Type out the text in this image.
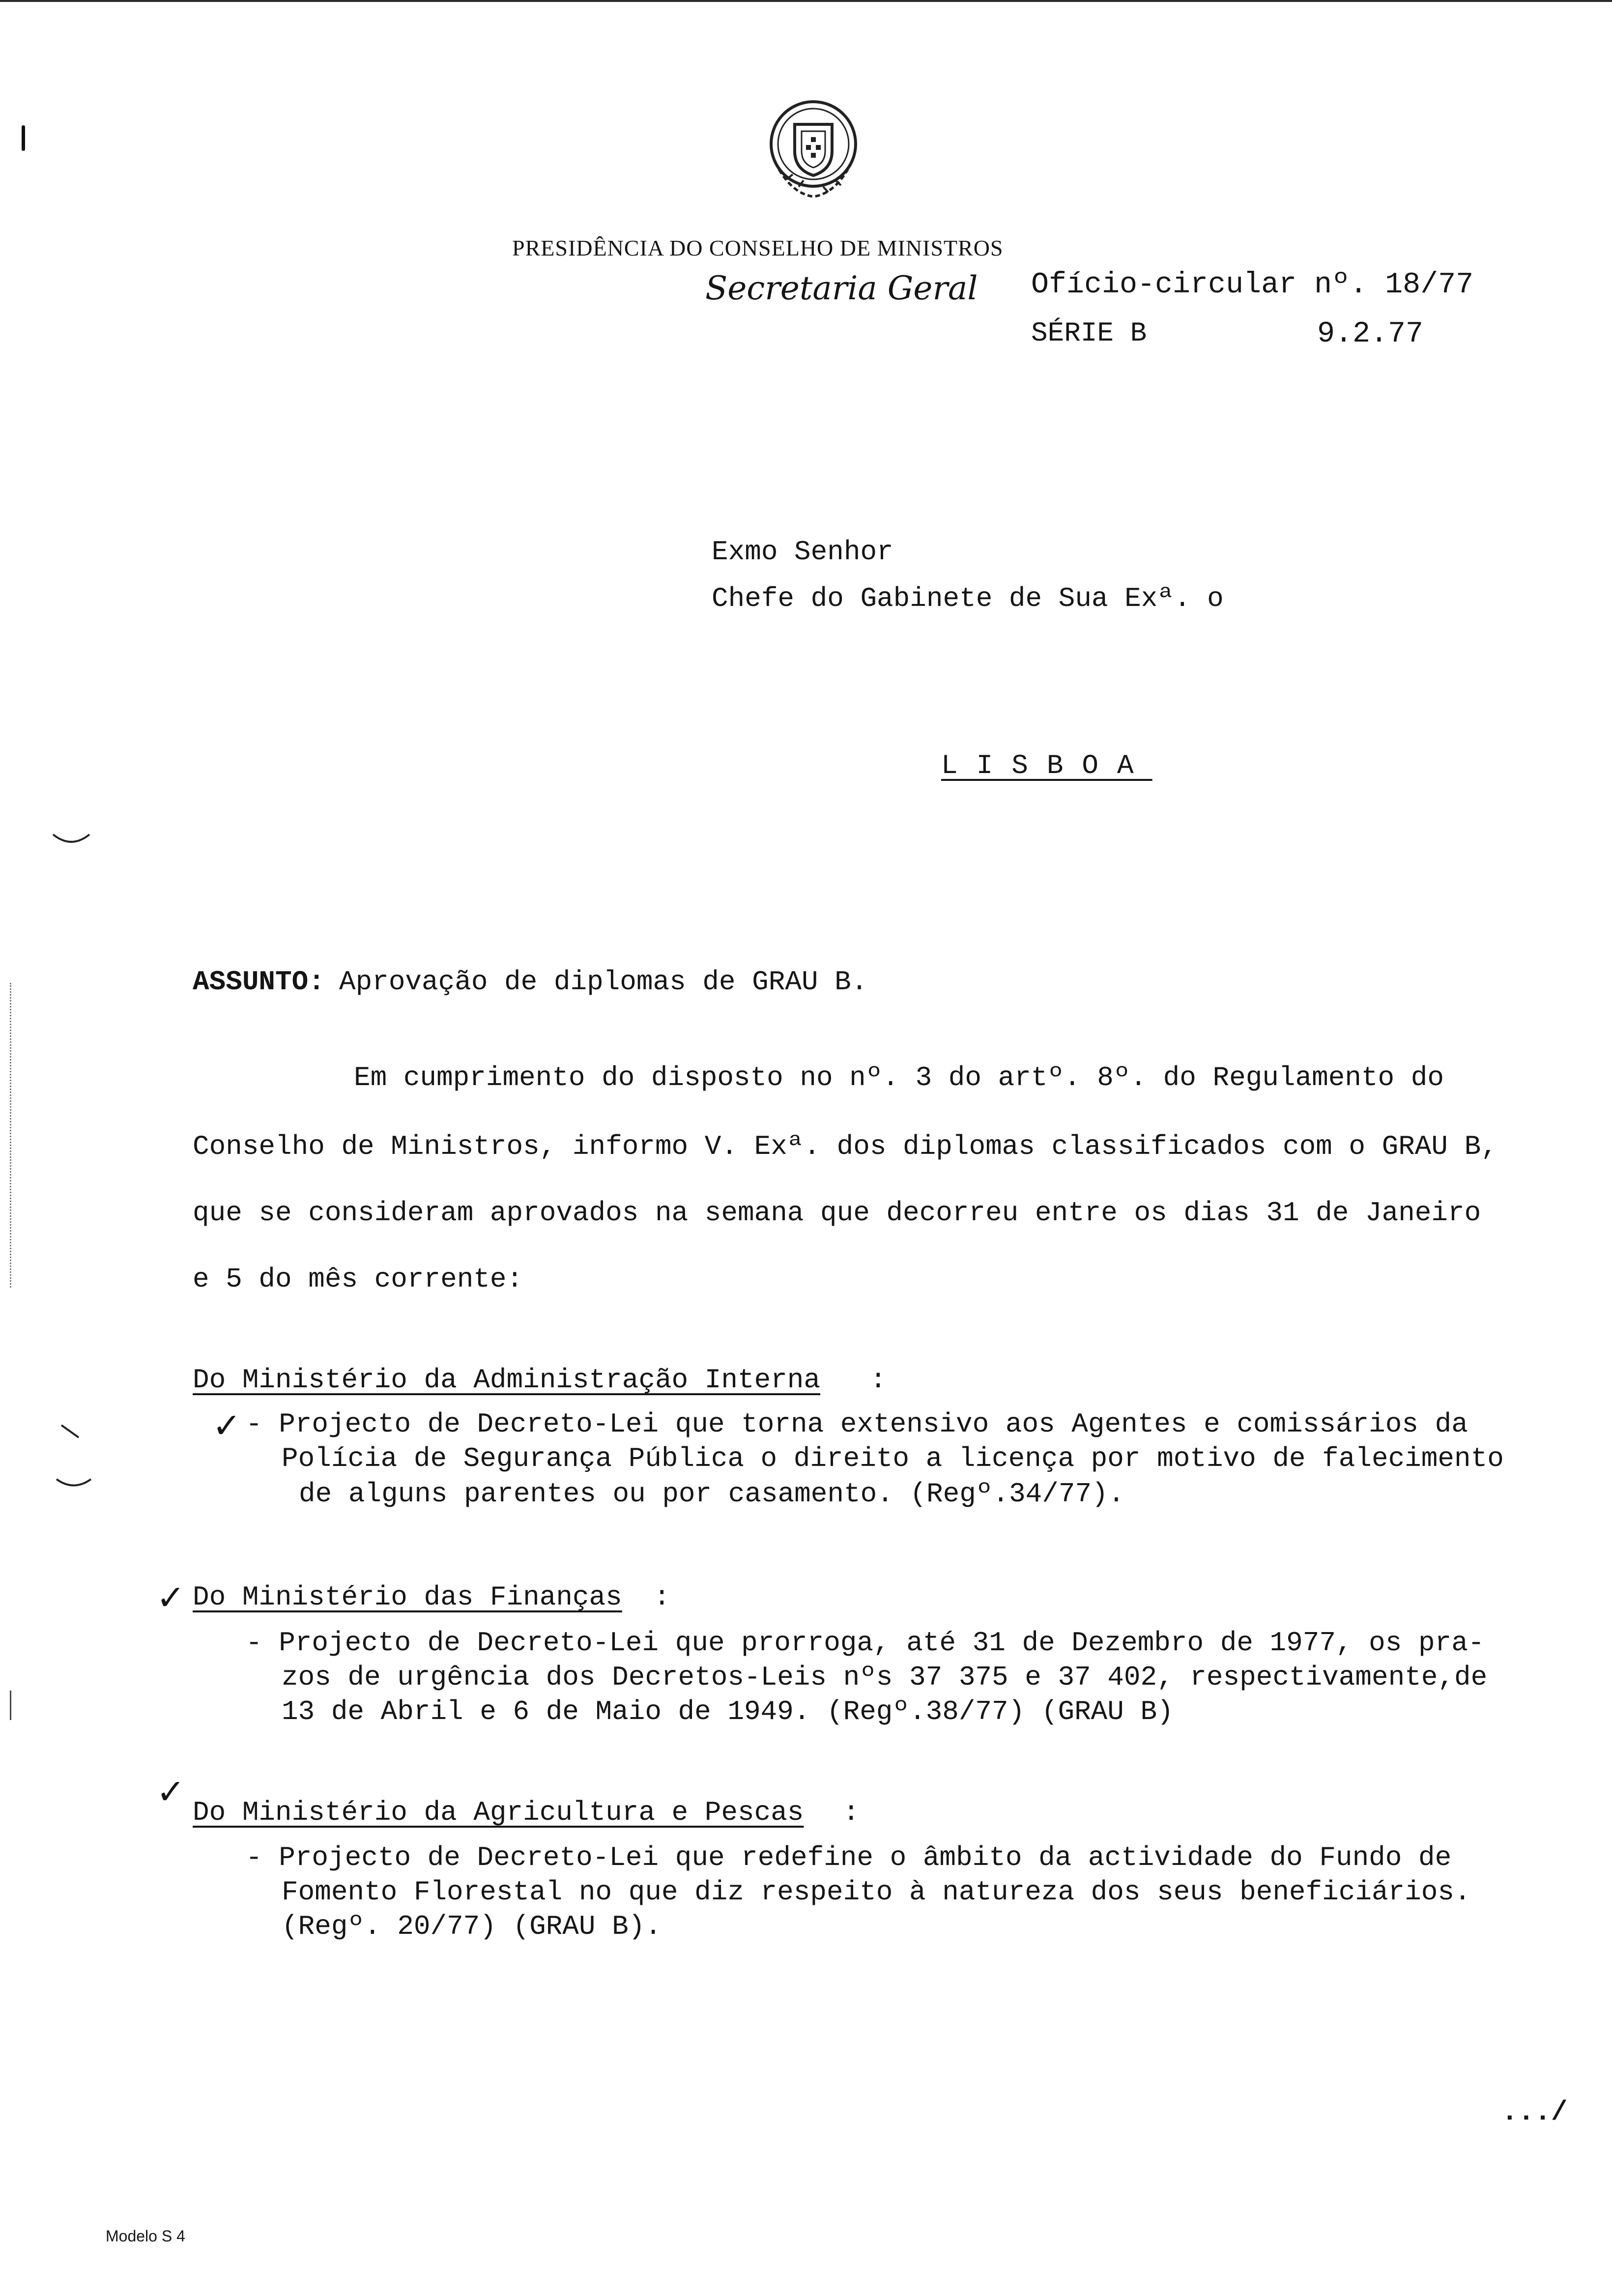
PRESIDÊNCIA DO CONSELHO DE MINISTROS
Secretaria Geral Ofício-circular nº. 18/77
SÉRIE B	9.2.77
Exmo Senhor
Chefe do Gabinete de Sua Exª. o
LISBOA
ASSUNTO: Aprovação de diplomas de GRAU B.
Em cumprimento do disposto no nº. 3 do artº. 8º. do Regulamento do
Conselho de Ministros, informo V. Exª. dos diplomas classificados com o GRAU B,
que se consideram aprovados na semana que decorreu entre os dias 31 de Janeiro
e 5 do mês corrente:
Do Ministério da Administração Interna :
✓ - Projecto de Decreto-Lei que torna extensivo aos Agentes e comissários da
Polícia de Segurança Pública o direito a licença por motivo de falecimento
de alguns parentes ou por casamento. (Regº.34/77).
✓ Do Ministério das Finanças :
- Projecto de Decreto-Lei que prorroga, até 31 de Dezembro de 1977, os pra-
zos de urgência dos Decretos-Leis nºs 37 375 e 37 402, respectivamente,de
13 de Abril e 6 de Maio de 1949. (Regº.38/77) (GRAU B)
✓
Do Ministério da Agricultura e Pescas :
- Projecto de Decreto-Lei que redefine o âmbito da actividade do Fundo de
Fomento Florestal no que diz respeito à natureza dos seus beneficiários.
(Regº. 20/77) (GRAU B).
.../
Modelo S 4
